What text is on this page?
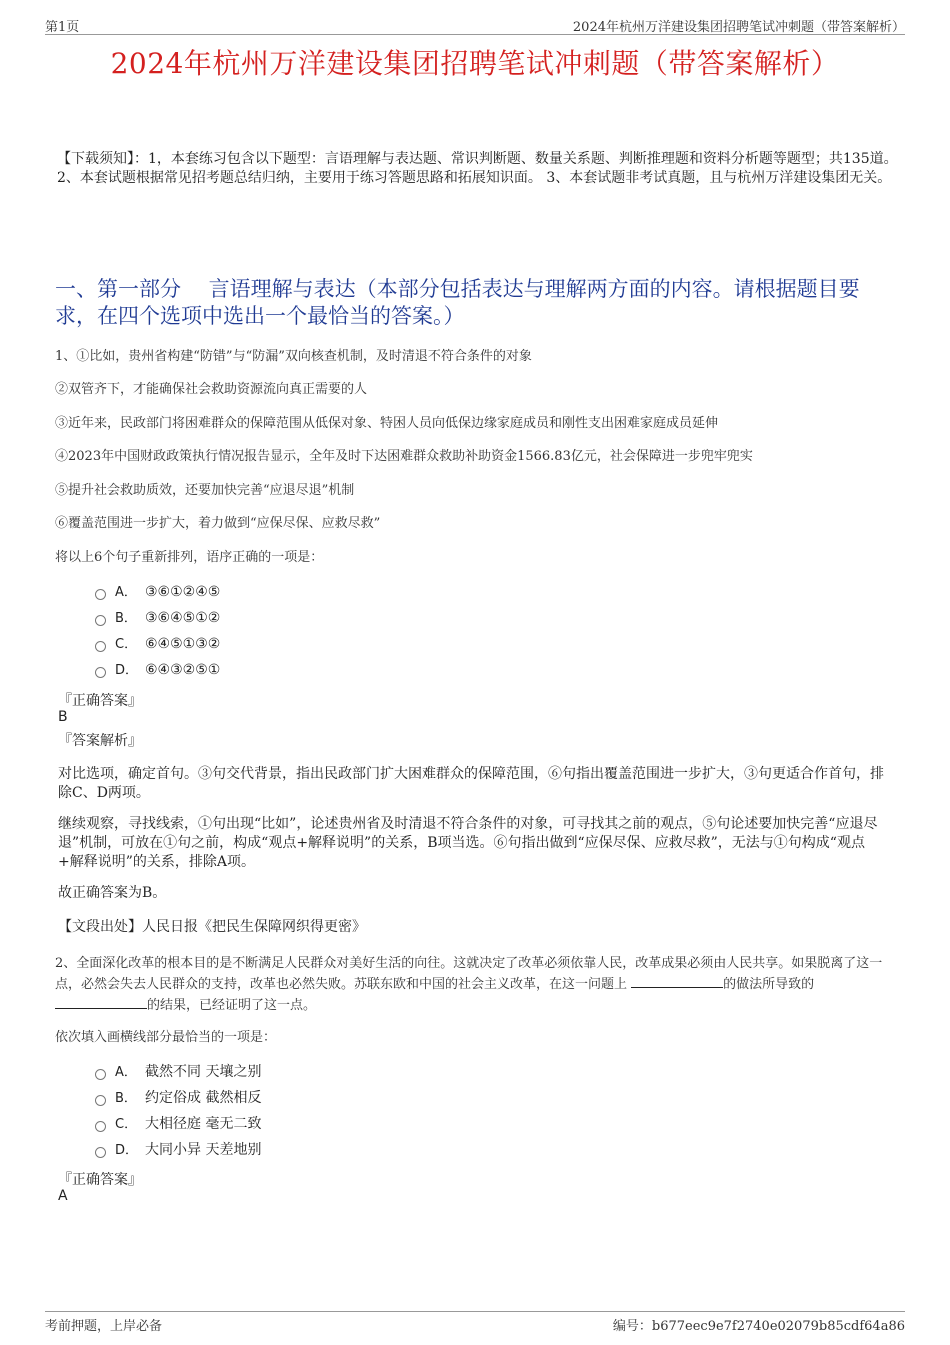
第1页	2024年杭州万洋建设集团招聘笔试冲刺题（带答案解析）
2024年杭州万洋建设集团招聘笔试冲刺题（带答案解析）
【下载须知】：1，本套练习包含以下题型：言语理解与表达题、常识判断题、数量关系题、判断推理题和资料分析题等题型；共135道。 2、本套试题根据常见招考题总结归纳，主要用于练习答题思路和拓展知识面。 3、本套试题非考试真题，且与杭州万洋建设集团无关。
一、第一部分　 言语理解与表达（本部分包括表达与理解两方面的内容。请根据题目要求，在四个选项中选出一个最恰当的答案。）
1、①比如，贵州省构建“防错”与“防漏”双向核查机制，及时清退不符合条件的对象
②双管齐下，才能确保社会救助资源流向真正需要的人
③近年来，民政部门将困难群众的保障范围从低保对象、特困人员向低保边缘家庭成员和刚性支出困难家庭成员延伸
④2023年中国财政政策执行情况报告显示，全年及时下达困难群众救助补助资金1566.83亿元，社会保障进一步兜牢兜实
⑤提升社会救助质效，还要加快完善“应退尽退”机制
⑥覆盖范围进一步扩大，着力做到“应保尽保、应救尽救”
将以上6个句子重新排列，语序正确的一项是：
A． ③⑥①②④⑤
B． ③⑥④⑤①②
C． ⑥④⑤①③②
D． ⑥④③②⑤①
『正确答案』
B
『答案解析』
对比选项，确定首句。③句交代背景，指出民政部门扩大困难群众的保障范围，⑥句指出覆盖范围进一步扩大，③句更适合作首句，排除C、D两项。
继续观察，寻找线索，①句出现“比如”，论述贵州省及时清退不符合条件的对象，可寻找其之前的观点，⑤句论述要加快完善“应退尽退”机制，可放在①句之前，构成“观点+解释说明”的关系，B项当选。⑥句指出做到“应保尽保、应救尽救”，无法与①句构成“观点+解释说明”的关系，排除A项。
故正确答案为B。
【文段出处】人民日报《把民生保障网织得更密》
2、全面深化改革的根本目的是不断满足人民群众对美好生活的向往。这就决定了改革必须依靠人民，改革成果必须由人民共享。如果脱离了这一点，必然会失去人民群众的支持，改革也必然失败。苏联东欧和中国的社会主义改革，在这一问题上	的做法所导致的
的结果，已经证明了这一点。
依次填入画横线部分最恰当的一项是：
A． 截然不同 天壤之别
B． 约定俗成 截然相反
C． 大相径庭 毫无二致
D． 大同小异 天差地别
『正确答案』
A
考前押题，上岸必备	编号：b677eec9e7f2740e02079b85cdf64a86
